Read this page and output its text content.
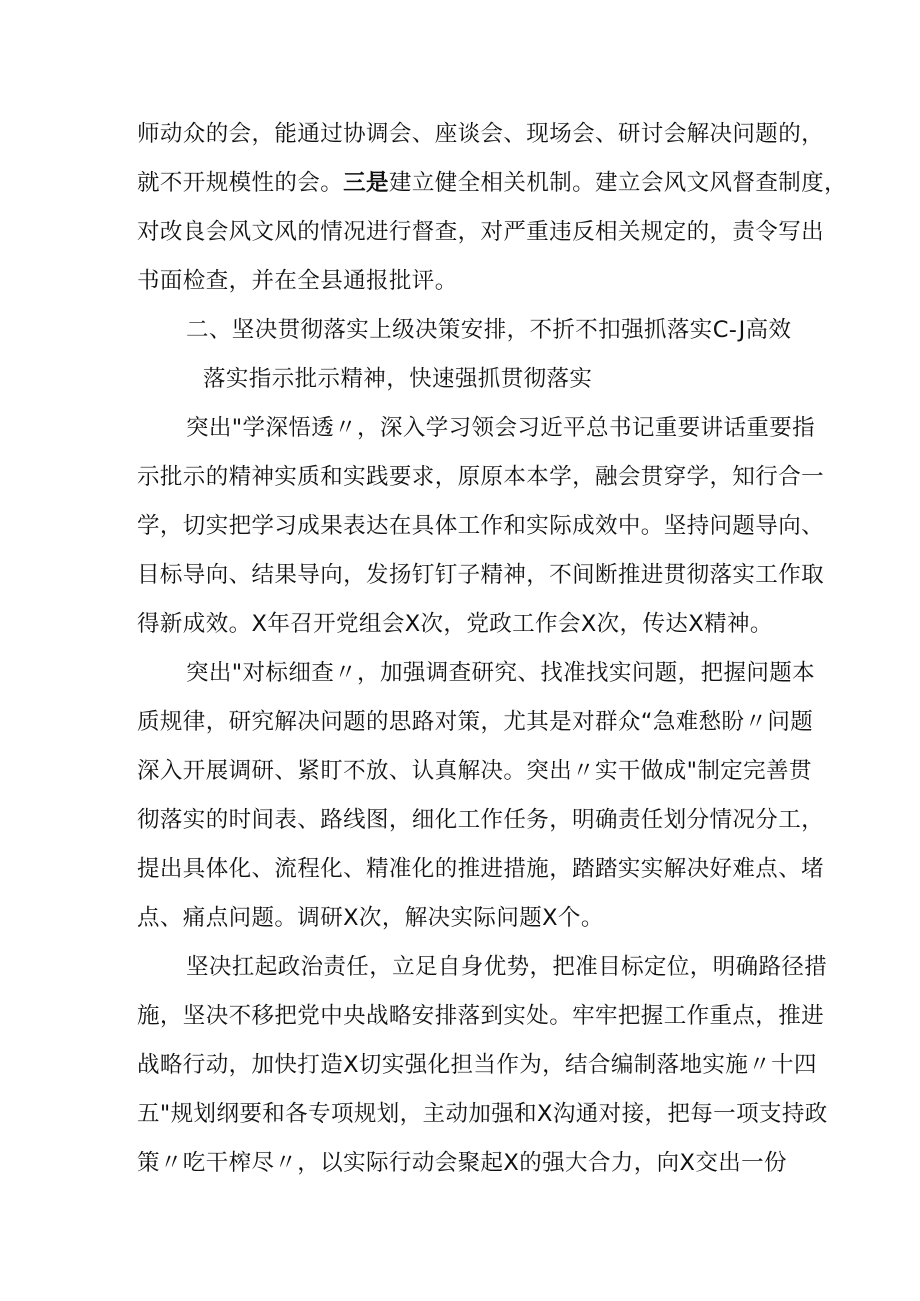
师动众的会，能通过协调会、座谈会、现场会、研讨会解决问题的，
就不开规模性的会。三是建立健全相关机制。建立会风文风督查制度，
对改良会风文风的情况进行督查，对严重违反相关规定的，责令写出
书面检查，并在全县通报批评。
二、坚决贯彻落实上级决策安排，不折不扣强抓落实C-J高效
落实指示批示精神，快速强抓贯彻落实
突出"学深悟透〃，深入学习领会习近平总书记重要讲话重要指
示批示的精神实质和实践要求，原原本本学，融会贯穿学，知行合一
学，切实把学习成果表达在具体工作和实际成效中。坚持问题导向、
目标导向、结果导向，发扬钉钉子精神，不间断推进贯彻落实工作取
得新成效。X年召开党组会X次，党政工作会X次，传达X精神。
突出"对标细查〃，加强调查研究、找准找实问题，把握问题本
质规律，研究解决问题的思路对策，尤其是对群众“急难愁盼〃问题
深入开展调研、紧盯不放、认真解决。突出〃实干做成"制定完善贯
彻落实的时间表、路线图，细化工作任务，明确责任划分情况分工，
提出具体化、流程化、精准化的推进措施，踏踏实实解决好难点、堵
点、痛点问题。调研X次，解决实际问题X个。
坚决扛起政治责任，立足自身优势，把准目标定位，明确路径措
施，坚决不移把党中央战略安排落到实处。牢牢把握工作重点，推进
战略行动，加快打造X切实强化担当作为，结合编制落地实施〃十四
五"规划纲要和各专项规划，主动加强和X沟通对接，把每一项支持政
策〃吃干榨尽〃，以实际行动会聚起X的强大合力，向X交出一份
